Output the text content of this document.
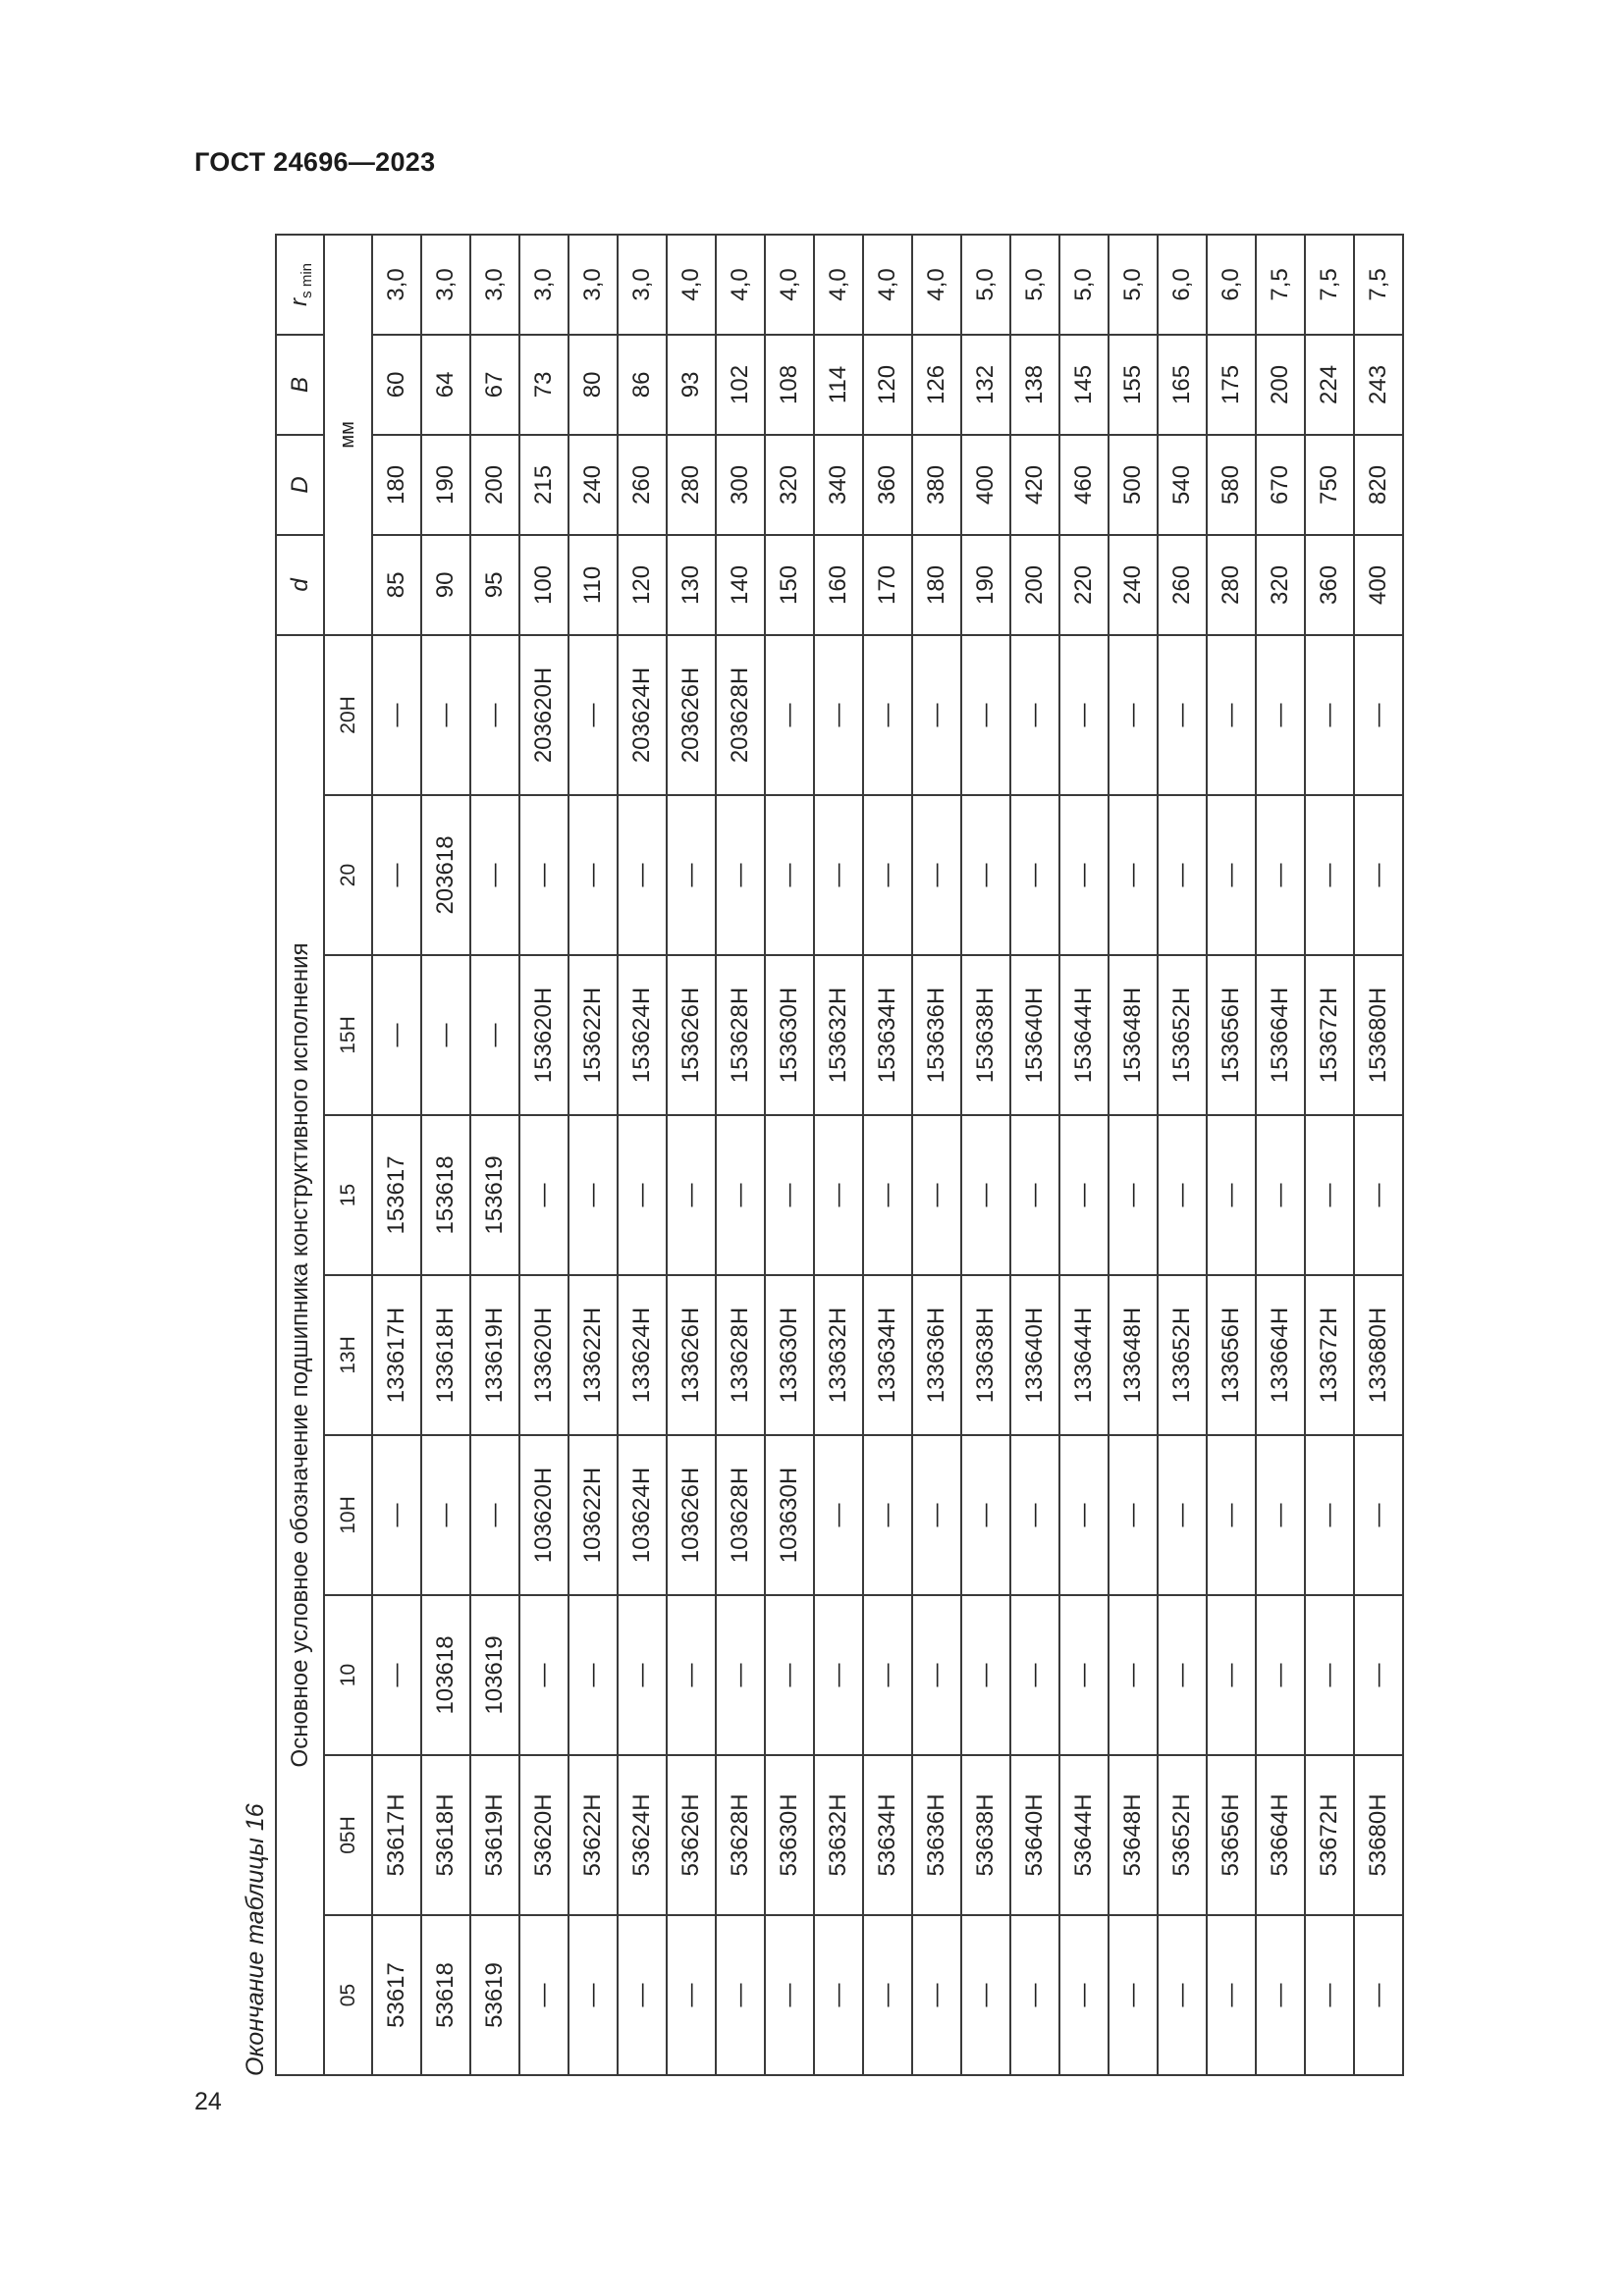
ГОСТ 24696—2023
Окончание таблицы 16
Основное условное обозначение подшипника конструктивного исполнения									d	D	B	$r_{s min}$
05	05Н	10	10Н	13Н	15	15Н	20	20Н	мм			
53617	53617Н	—	—	133617Н	153617	—	—	—	85	180	60	3,0
53618	53618Н	103618	—	133618Н	153618	—	203618	—	90	190	64	3,0
53619	53619Н	103619	—	133619Н	153619	—	—	—	95	200	67	3,0
—	53620Н	—	103620Н	133620Н	—	153620Н	—	203620Н	100	215	73	3,0
—	53622Н	—	103622Н	133622Н	—	153622Н	—	—	110	240	80	3,0
—	53624Н	—	103624Н	133624Н	—	153624Н	—	203624Н	120	260	86	3,0
—	53626Н	—	103626Н	133626Н	—	153626Н	—	203626Н	130	280	93	4,0
—	53628Н	—	103628Н	133628Н	—	153628Н	—	203628Н	140	300	102	4,0
—	53630Н	—	103630Н	133630Н	—	153630Н	—	—	150	320	108	4,0
—	53632Н	—	—	133632Н	—	153632Н	—	—	160	340	114	4,0
—	53634Н	—	—	133634Н	—	153634Н	—	—	170	360	120	4,0
—	53636Н	—	—	133636Н	—	153636Н	—	—	180	380	126	4,0
—	53638Н	—	—	133638Н	—	153638Н	—	—	190	400	132	5,0
—	53640Н	—	—	133640Н	—	153640Н	—	—	200	420	138	5,0
—	53644Н	—	—	133644Н	—	153644Н	—	—	220	460	145	5,0
—	53648Н	—	—	133648Н	—	153648Н	—	—	240	500	155	5,0
—	53652Н	—	—	133652Н	—	153652Н	—	—	260	540	165	6,0
—	53656Н	—	—	133656Н	—	153656Н	—	—	280	580	175	6,0
—	53664Н	—	—	133664Н	—	153664Н	—	—	320	670	200	7,5
—	53672Н	—	—	133672Н	—	153672Н	—	—	360	750	224	7,5
—	53680Н	—	—	133680Н	—	153680Н	—	—	400	820	243	7,5
24
